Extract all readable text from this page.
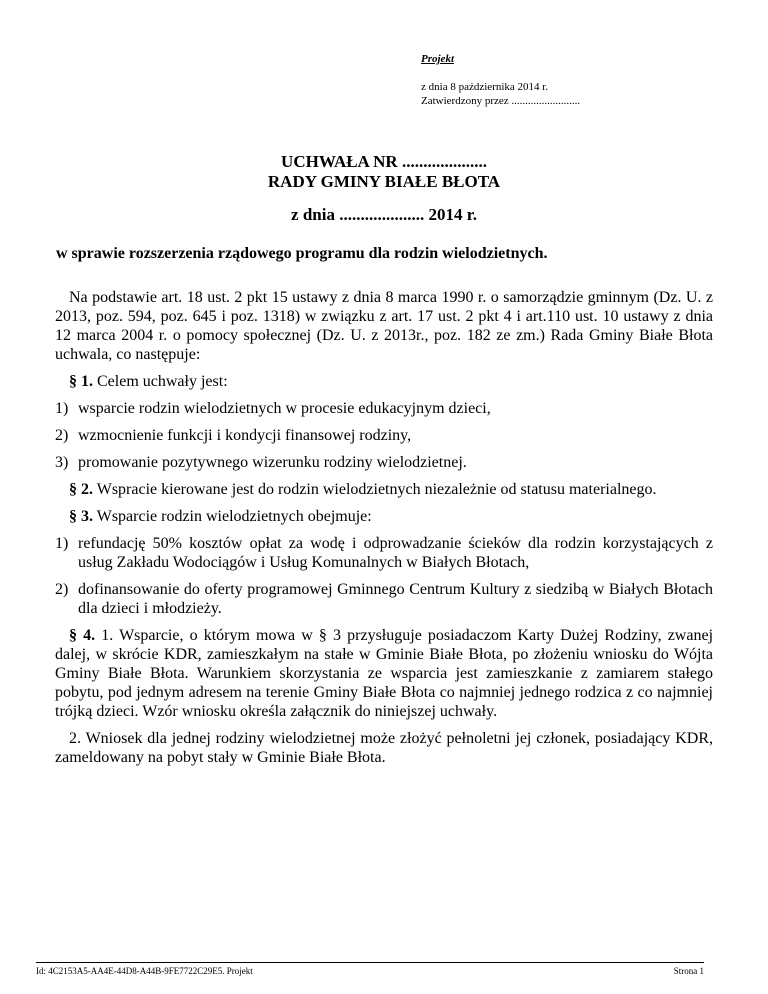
Projekt
z dnia 8 października 2014 r.
Zatwierdzony przez .........................
UCHWAŁA NR ....................
RADY GMINY BIAŁE BŁOTA
z dnia .................... 2014 r.
w sprawie rozszerzenia rządowego programu dla rodzin wielodzietnych.

Na podstawie art. 18 ust. 2 pkt 15 ustawy z dnia 8 marca 1990 r. o samorządzie gminnym (Dz. U. z 2013, poz. 594, poz. 645 i poz. 1318) w związku z art. 17 ust. 2 pkt 4 i art.110 ust. 10 ustawy z dnia 12 marca 2004 r. o pomocy społecznej (Dz. U. z 2013r., poz. 182 ze zm.) Rada Gminy Białe Błota uchwala, co następuje:

§ 1. Celem uchwały jest:

1) wsparcie rodzin wielodzietnych w procesie edukacyjnym dzieci,
2) wzmocnienie funkcji i kondycji finansowej rodziny,
3) promowanie pozytywnego wizerunku rodziny wielodzietnej.

§ 2. Wspracie kierowane jest do rodzin wielodzietnych niezależnie od statusu materialnego.

§ 3. Wsparcie rodzin wielodzietnych obejmuje:

1) refundację 50% kosztów opłat za wodę i odprowadzanie ścieków dla rodzin korzystających z usług Zakładu Wodociągów i Usług Komunalnych w Białych Błotach,
2) dofinansowanie do oferty programowej Gminnego Centrum Kultury z siedzibą w Białych Błotach dla dzieci i młodzieży.

§ 4. 1. Wsparcie, o którym mowa w § 3 przysługuje posiadaczom Karty Dużej Rodziny, zwanej dalej, w skrócie KDR, zamieszkałym na stałe w Gminie Białe Błota, po złożeniu wniosku do Wójta Gminy Białe Błota. Warunkiem skorzystania ze wsparcia jest zamieszkanie z zamiarem stałego pobytu, pod jednym adresem na terenie Gminy Białe Błota co najmniej jednego rodzica z co najmniej trójką dzieci. Wzór wniosku określa załącznik do niniejszej uchwały.

2. Wniosek dla jednej rodziny wielodzietnej może złożyć pełnoletni jej członek, posiadający KDR, zameldowany na pobyt stały w Gminie Białe Błota.

Id: 4C2153A5-AA4E-44D8-A44B-9FE7722C29E5. Projekt	Strona 1
